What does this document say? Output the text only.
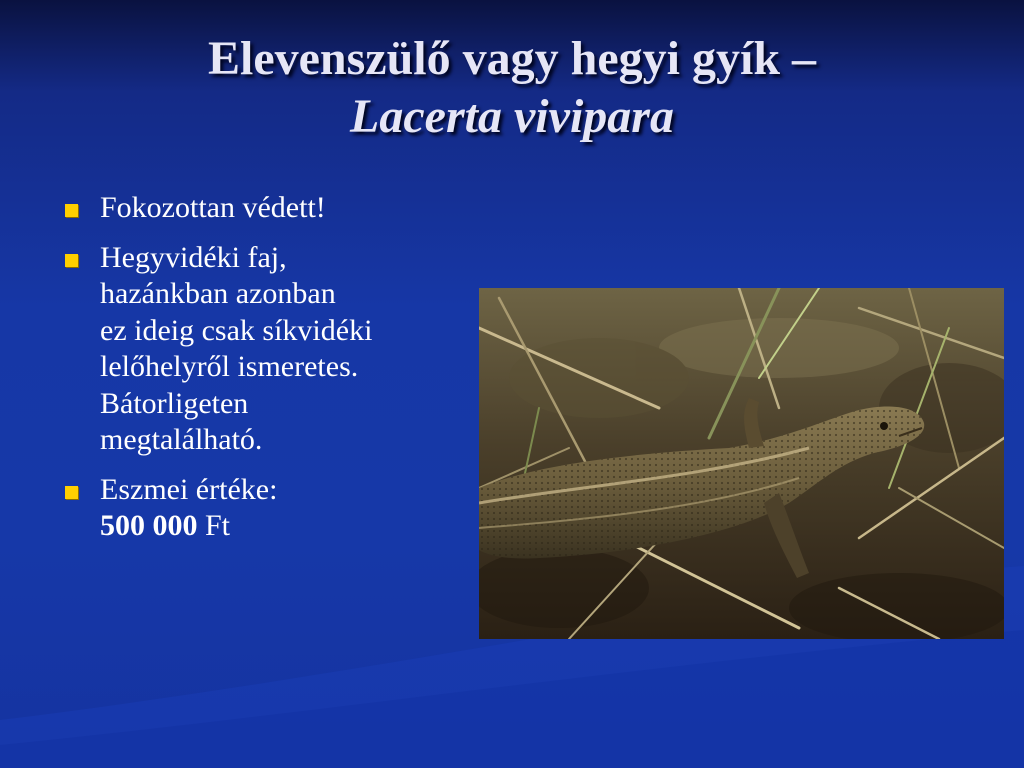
Elevenszülő vagy hegyi gyík –
Lacerta vivipara
Fokozottan védett!
Hegyvidéki faj,
hazánkban azonban
ez ideig csak síkvidéki
lelőhelyről ismeretes.
Bátorligeten
megtalálható.
Eszmei értéke:
500 000 Ft
